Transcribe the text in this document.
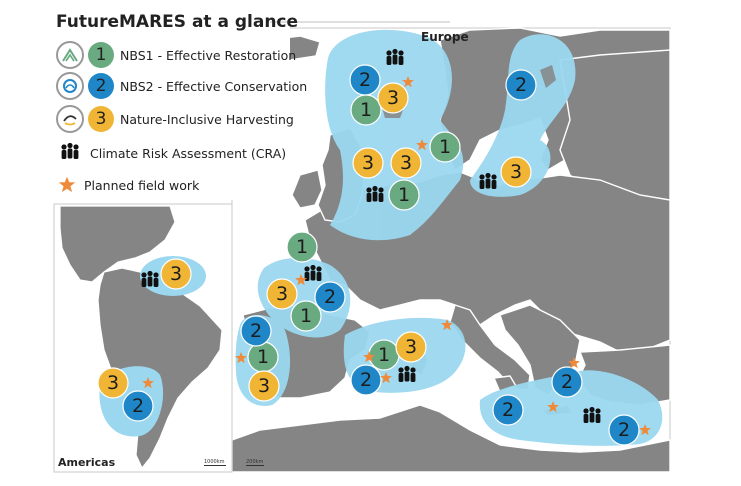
1
1
1
1
1
1	1
2	2
2
2
2	2
2
2
2
3
3 3	3
3
3
3
3
3
FutureMARES at a glance
1	NBS1 - Effective Restoration
2	NBS2 - Effective Conservation
3	Nature-Inclusive Harvesting
Climate Risk Assessment (CRA)
Planned field work
Europe
Americas	1000km	200km
